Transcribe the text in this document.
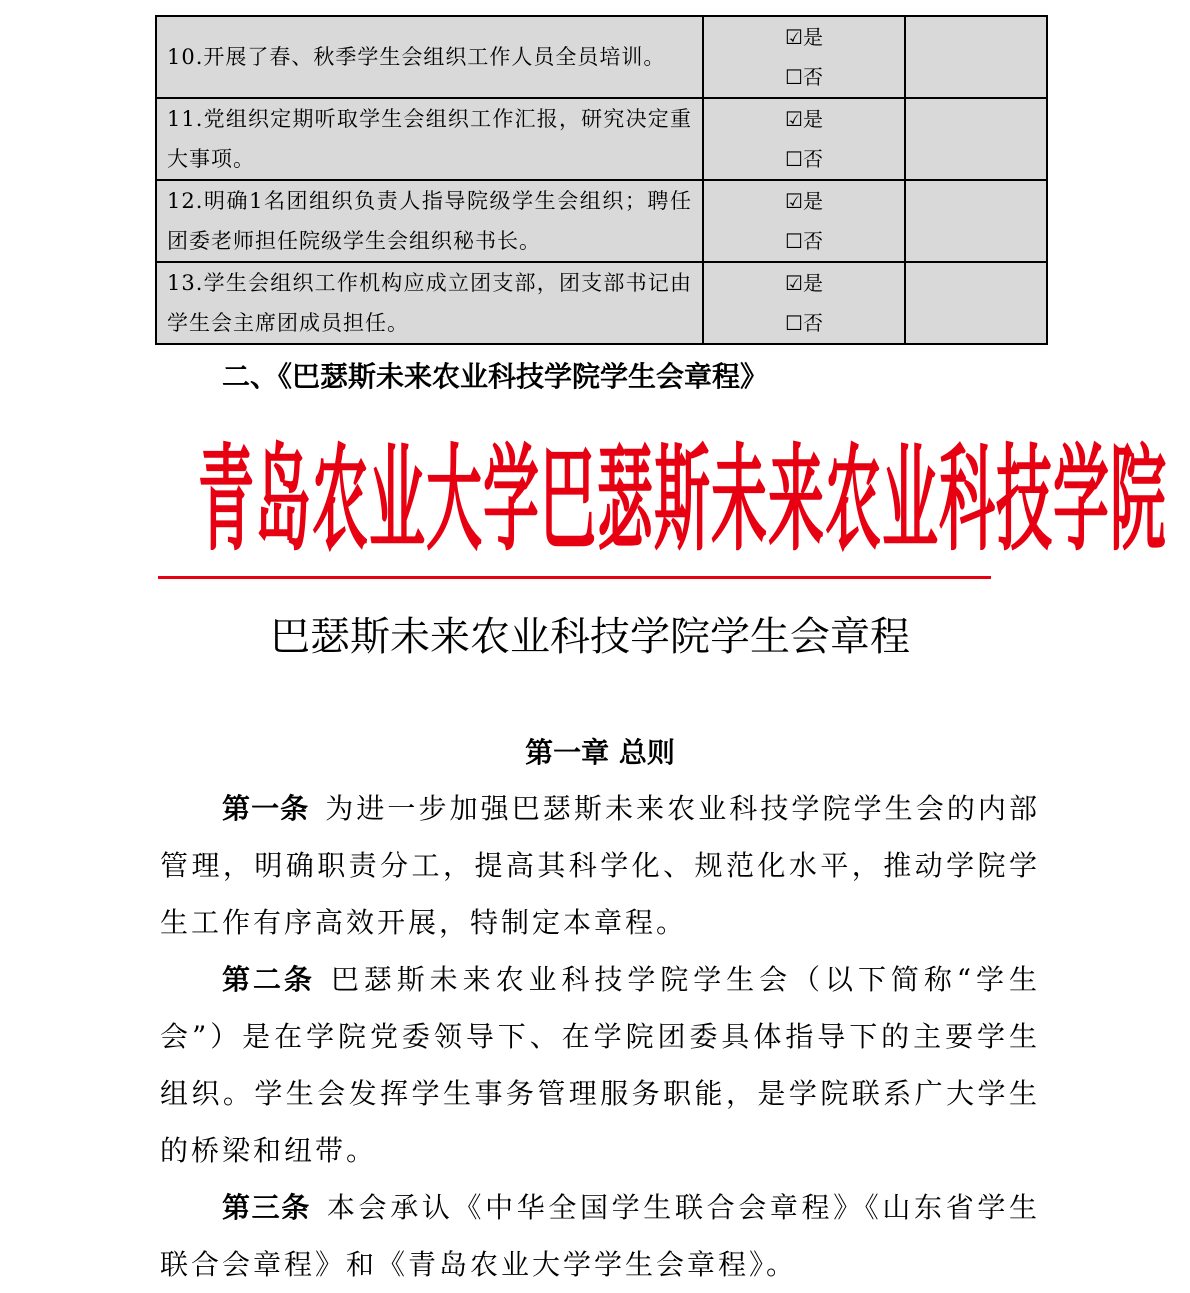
10.开展了春、秋季学生会组织工作人员全员培训。	☑是
☐否	

11.党组织定期听取学生会组织工作汇报，研究决定重大事项。	☑是
☐否	

12.明确1名团组织负责人指导院级学生会组织；聘任团委老师担任院级学生会组织秘书长。	☑是
☐否	

13.学生会组织工作机构应成立团支部，团支部书记由学生会主席团成员担任。	☑是
☐否	

二、《巴瑟斯未来农业科技学院学生会章程》
青岛农业大学巴瑟斯未来农业科技学院
巴瑟斯未来农业科技学院学生会章程
第一章 总则

第一条 为进一步加强巴瑟斯未来农业科技学院学生会的内部管理，明确职责分工，提高其科学化、规范化水平，推动学院学生工作有序高效开展，特制定本章程。

第二条 巴瑟斯未来农业科技学院学生会（以下简称“学生会”）是在学院党委领导下、在学院团委具体指导下的主要学生组织。学生会发挥学生事务管理服务职能，是学院联系广大学生的桥梁和纽带。

第三条 本会承认《中华全国学生联合会章程》《山东省学生联合会章程》和《青岛农业大学学生会章程》。
